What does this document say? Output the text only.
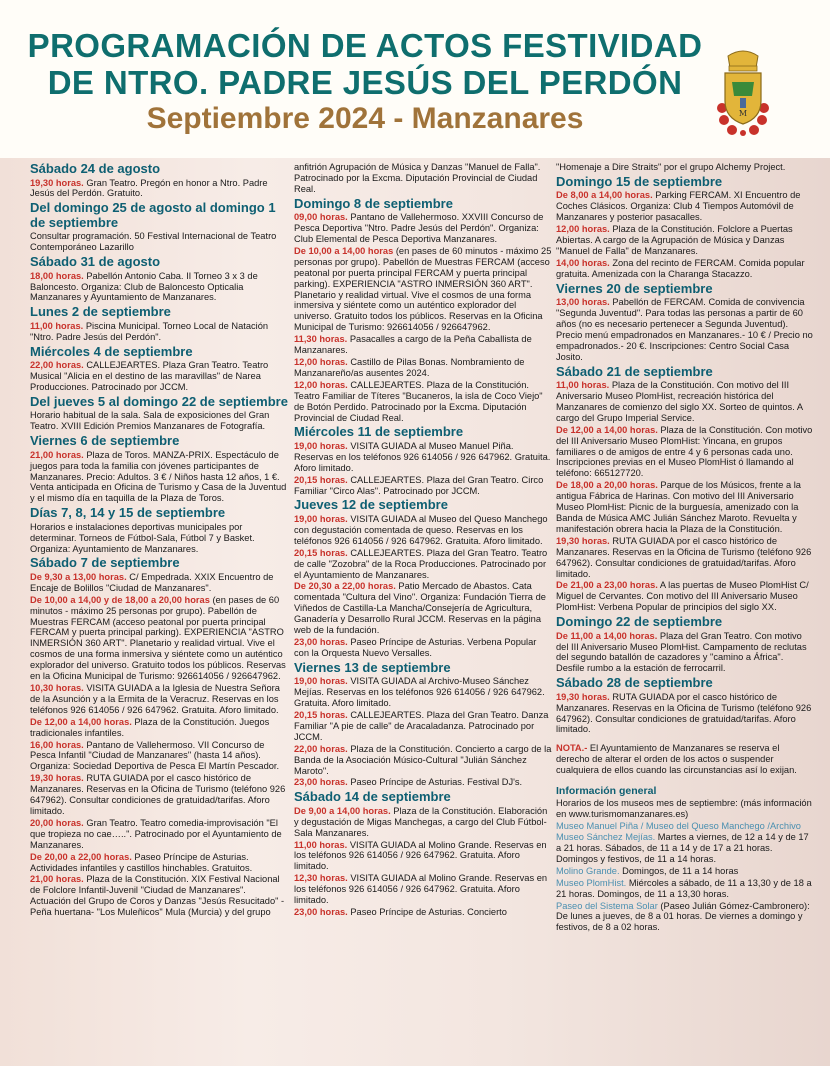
PROGRAMACIÓN DE ACTOS FESTIVIDAD
DE NTRO. PADRE JESÚS DEL PERDÓN
Septiembre 2024 - Manzanares	M
Sábado 24 de agosto

19,30 horas. Gran Teatro. Pregón en honor a Ntro. Padre Jesús del Perdón. Gratuito.

Del domingo 25 de agosto al domingo 1 de septiembre

Consultar programación. 50 Festival Internacional de Teatro Contemporáneo Lazarillo

Sábado 31 de agosto

18,00 horas. Pabellón Antonio Caba. II Torneo 3 x 3 de Baloncesto. Organiza: Club de Baloncesto Opticalia Manzanares y Ayuntamiento de Manzanares.

Lunes 2 de septiembre

11,00 horas. Piscina Municipal. Torneo Local de Natación "Ntro. Padre Jesús del Perdón".

Miércoles 4 de septiembre

22,00 horas. CALLEJEARTES. Plaza Gran Teatro. Teatro Musical "Alicia en el destino de las maravillas" de Narea Producciones. Patrocinado por JCCM.

Del jueves 5 al domingo 22 de septiembre

Horario habitual de la sala. Sala de exposiciones del Gran Teatro. XVIII Edición Premios Manzanares de Fotografía.

Viernes 6 de septiembre

21,00 horas. Plaza de Toros. MANZA-PRIX. Espectáculo de juegos para toda la familia con jóvenes participantes de Manzanares. Precio: Adultos. 3 € / Niños hasta 12 años, 1 €. Venta anticipada en Oficina de Turismo y Casa de la Juventud y el mismo día en taquilla de la Plaza de Toros.

Días 7, 8, 14 y 15 de septiembre

Horarios e instalaciones deportivas municipales por determinar. Torneos de Fútbol-Sala, Fútbol 7 y Basket. Organiza: Ayuntamiento de Manzanares.

Sábado 7 de septiembre

De 9,30 a 13,00 horas. C/ Empedrada. XXIX Encuentro de Encaje de Bolillos "Ciudad de Manzanares".

De 10,00 a 14,00 y de 18,00 a 20,00 horas (en pases de 60 minutos - máximo 25 personas por grupo). Pabellón de Muestras FERCAM (acceso peatonal por puerta principal FERCAM y puerta principal parking). EXPERIENCIA "ASTRO INMERSIÓN 360 ART". Planetario y realidad virtual. Vive el cosmos de una forma inmersiva y siéntete como un auténtico explorador del universo. Gratuito todos los públicos. Reservas en la Oficina Municipal de Turismo: 926614056 / 926647962.

10,30 horas. VISITA GUIADA a la Iglesia de Nuestra Señora de la Asunción y a la Ermita de la Veracruz. Reservas en los teléfonos 926 614056 / 926 647962. Gratuita. Aforo limitado.

De 12,00 a 14,00 horas. Plaza de la Constitución. Juegos tradicionales infantiles.

16,00 horas. Pantano de Vallehermoso. VII Concurso de Pesca Infantil "Ciudad de Manzanares" (hasta 14 años). Organiza: Sociedad Deportiva de Pesca El Martín Pescador.

19,30 horas. RUTA GUIADA por el casco histórico de Manzanares. Reservas en la Oficina de Turismo (teléfono 926 647962). Consultar condiciones de gratuidad/tarifas. Aforo limitado.

20,00 horas. Gran Teatro. Teatro comedia-improvisación "El que tropieza no cae…..". Patrocinado por el Ayuntamiento de Manzanares.

De 20,00 a 22,00 horas. Paseo Príncipe de Asturias. Actividades infantiles y castillos hinchables. Gratuitos.

21,00 horas. Plaza de la Constitución. XIX Festival Nacional de Folclore Infantil-Juvenil "Ciudad de Manzanares". Actuación del Grupo de Coros y Danzas "Jesús Resucitado" -Peña huertana- "Los Muleñicos" Mula (Murcia) y del grupo

anfitrión Agrupación de Música y Danzas "Manuel de Falla". Patrocinado por la Excma. Diputación Provincial de Ciudad Real.

Domingo 8 de septiembre

09,00 horas. Pantano de Vallehermoso. XXVIII Concurso de Pesca Deportiva "Ntro. Padre Jesús del Perdón". Organiza: Club Elemental de Pesca Deportiva Manzanares.

De 10,00 a 14,00 horas (en pases de 60 minutos - máximo 25 personas por grupo). Pabellón de Muestras FERCAM (acceso peatonal por puerta principal FERCAM y puerta principal parking). EXPERIENCIA "ASTRO INMERSIÓN 360 ART". Planetario y realidad virtual. Vive el cosmos de una forma inmersiva y siéntete como un auténtico explorador del universo. Gratuito todos los públicos. Reservas en la Oficina Municipal de Turismo: 926614056 / 926647962.

11,30 horas. Pasacalles a cargo de la Peña Caballista de Manzanares.

12,00 horas. Castillo de Pilas Bonas. Nombramiento de Manzanareño/as ausentes 2024.

12,00 horas. CALLEJEARTES. Plaza de la Constitución. Teatro Familiar de Títeres "Bucaneros, la isla de Coco Viejo" de Botón Perdido. Patrocinado por la Excma. Diputación Provincial de Ciudad Real.

Miércoles 11 de septiembre

19,00 horas. VISITA GUIADA al Museo Manuel Piña. Reservas en los teléfonos 926 614056 / 926 647962. Gratuita. Aforo limitado.

20,15 horas. CALLEJEARTES. Plaza del Gran Teatro. Circo Familiar "Circo Alas". Patrocinado por JCCM.

Jueves 12 de septiembre

19,00 horas. VISITA GUIADA al Museo del Queso Manchego con degustación comentada de queso. Reservas en los teléfonos 926 614056 / 926 647962. Gratuita. Aforo limitado.

20,15 horas. CALLEJEARTES. Plaza del Gran Teatro. Teatro de calle "Zozobra" de la Roca Producciones. Patrocinado por el Ayuntamiento de Manzanares.

De 20,30 a 22,00 horas. Patio Mercado de Abastos. Cata comentada "Cultura del Vino". Organiza: Fundación Tierra de Viñedos de Castilla-La Mancha/Consejería de Agricultura, Ganadería y Desarrollo Rural JCCM. Reservas en la página web de la fundación.

23,00 horas. Paseo Príncipe de Asturias. Verbena Popular con la Orquesta Nuevo Versalles.

Viernes 13 de septiembre

19,00 horas. VISITA GUIADA al Archivo-Museo Sánchez Mejías. Reservas en los teléfonos 926 614056 / 926 647962. Gratuita. Aforo limitado.

20,15 horas. CALLEJEARTES. Plaza del Gran Teatro. Danza Familiar "A pie de calle" de Aracaladanza. Patrocinado por JCCM.

22,00 horas. Plaza de la Constitución. Concierto a cargo de la Banda de la Asociación Músico-Cultural "Julián Sánchez Maroto".

23,00 horas. Paseo Príncipe de Asturias. Festival DJ's.

Sábado 14 de septiembre

De 9,00 a 14,00 horas. Plaza de la Constitución. Elaboración y degustación de Migas Manchegas, a cargo del Club Fútbol-Sala Manzanares.

11,00 horas. VISITA GUIADA al Molino Grande. Reservas en los teléfonos 926 614056 / 926 647962. Gratuita. Aforo limitado.

12,30 horas. VISITA GUIADA al Molino Grande. Reservas en los teléfonos 926 614056 / 926 647962. Gratuita. Aforo limitado.

23,00 horas. Paseo Príncipe de Asturias. Concierto

"Homenaje a Dire Straits" por el grupo Alchemy Project.

Domingo 15 de septiembre

De 8,00 a 14,00 horas. Parking FERCAM. XI Encuentro de Coches Clásicos. Organiza: Club 4 Tiempos Automóvil de Manzanares y posterior pasacalles.

12,00 horas. Plaza de la Constitución. Folclore a Puertas Abiertas. A cargo de la Agrupación de Música y Danzas "Manuel de Falla" de Manzanares.

14,00 horas. Zona del recinto de FERCAM. Comida popular gratuita. Amenizada con la Charanga Stacazzo.

Viernes 20 de septiembre

13,00 horas. Pabellón de FERCAM. Comida de convivencia "Segunda Juventud". Para todas las personas a partir de 60 años (no es necesario pertenecer a Segunda Juventud). Precio menú empadronados en Manzanares.- 10 € / Precio no empadronados.- 20 €. Inscripciones: Centro Social Casa Josito.

Sábado 21 de septiembre

11,00 horas. Plaza de la Constitución. Con motivo del III Aniversario Museo PlomHist, recreación histórica del Manzanares de comienzo del siglo XX. Sorteo de quintos. A cargo del Grupo Imperial Service.

De 12,00 a 14,00 horas. Plaza de la Constitución. Con motivo del III Aniversario Museo PlomHist: Yincana, en grupos familiares o de amigos de entre 4 y 6 personas cada uno. Inscripciones previas en el Museo PlomHist ó llamando al teléfono: 665127720.

De 18,00 a 20,00 horas. Parque de los Músicos, frente a la antigua Fábrica de Harinas. Con motivo del III Aniversario Museo PlomHist: Picnic de la burguesía, amenizado con la Banda de Música AMC Julián Sánchez Maroto. Revuelta y manifestación obrera hacia la Plaza de la Constitución.

19,30 horas. RUTA GUIADA por el casco histórico de Manzanares. Reservas en la Oficina de Turismo (teléfono 926 647962). Consultar condiciones de gratuidad/tarifas. Aforo limitado.

De 21,00 a 23,00 horas. A las puertas de Museo PlomHist C/ Miguel de Cervantes. Con motivo del III Aniversario Museo PlomHist: Verbena Popular de principios del siglo XX.

Domingo 22 de septiembre

De 11,00 a 14,00 horas. Plaza del Gran Teatro. Con motivo del III Aniversario Museo PlomHist. Campamento de reclutas del segundo batallón de cazadores y "camino a África". Desfile rumbo a la estación de ferrocarril.

Sábado 28 de septiembre

19,30 horas. RUTA GUIADA por el casco histórico de Manzanares. Reservas en la Oficina de Turismo (teléfono 926 647962). Consultar condiciones de gratuidad/tarifas. Aforo limitado.

NOTA.- El Ayuntamiento de Manzanares se reserva el derecho de alterar el orden de los actos o suspender cualquiera de ellos cuando las circunstancias así lo exijan.

Información general

Horarios de los museos mes de septiembre: (más información en www.turismomanzanares.es)

Museo Manuel Piña / Museo del Queso Manchego /Archivo Museo Sánchez Mejías. Martes a viernes, de 12 a 14 y de 17 a 21 horas. Sábados, de 11 a 14 y de 17 a 21 horas. Domingos y festivos, de 11 a 14 horas.

Molino Grande. Domingos, de 11 a 14 horas

Museo PlomHist. Miércoles a sábado, de 11 a 13,30 y de 18 a 21 horas. Domingos, de 11 a 13,30 horas.

Paseo del Sistema Solar (Paseo Julián Gómez-Cambronero): De lunes a jueves, de 8 a 01 horas. De viernes a domingo y festivos, de 8 a 02 horas.
